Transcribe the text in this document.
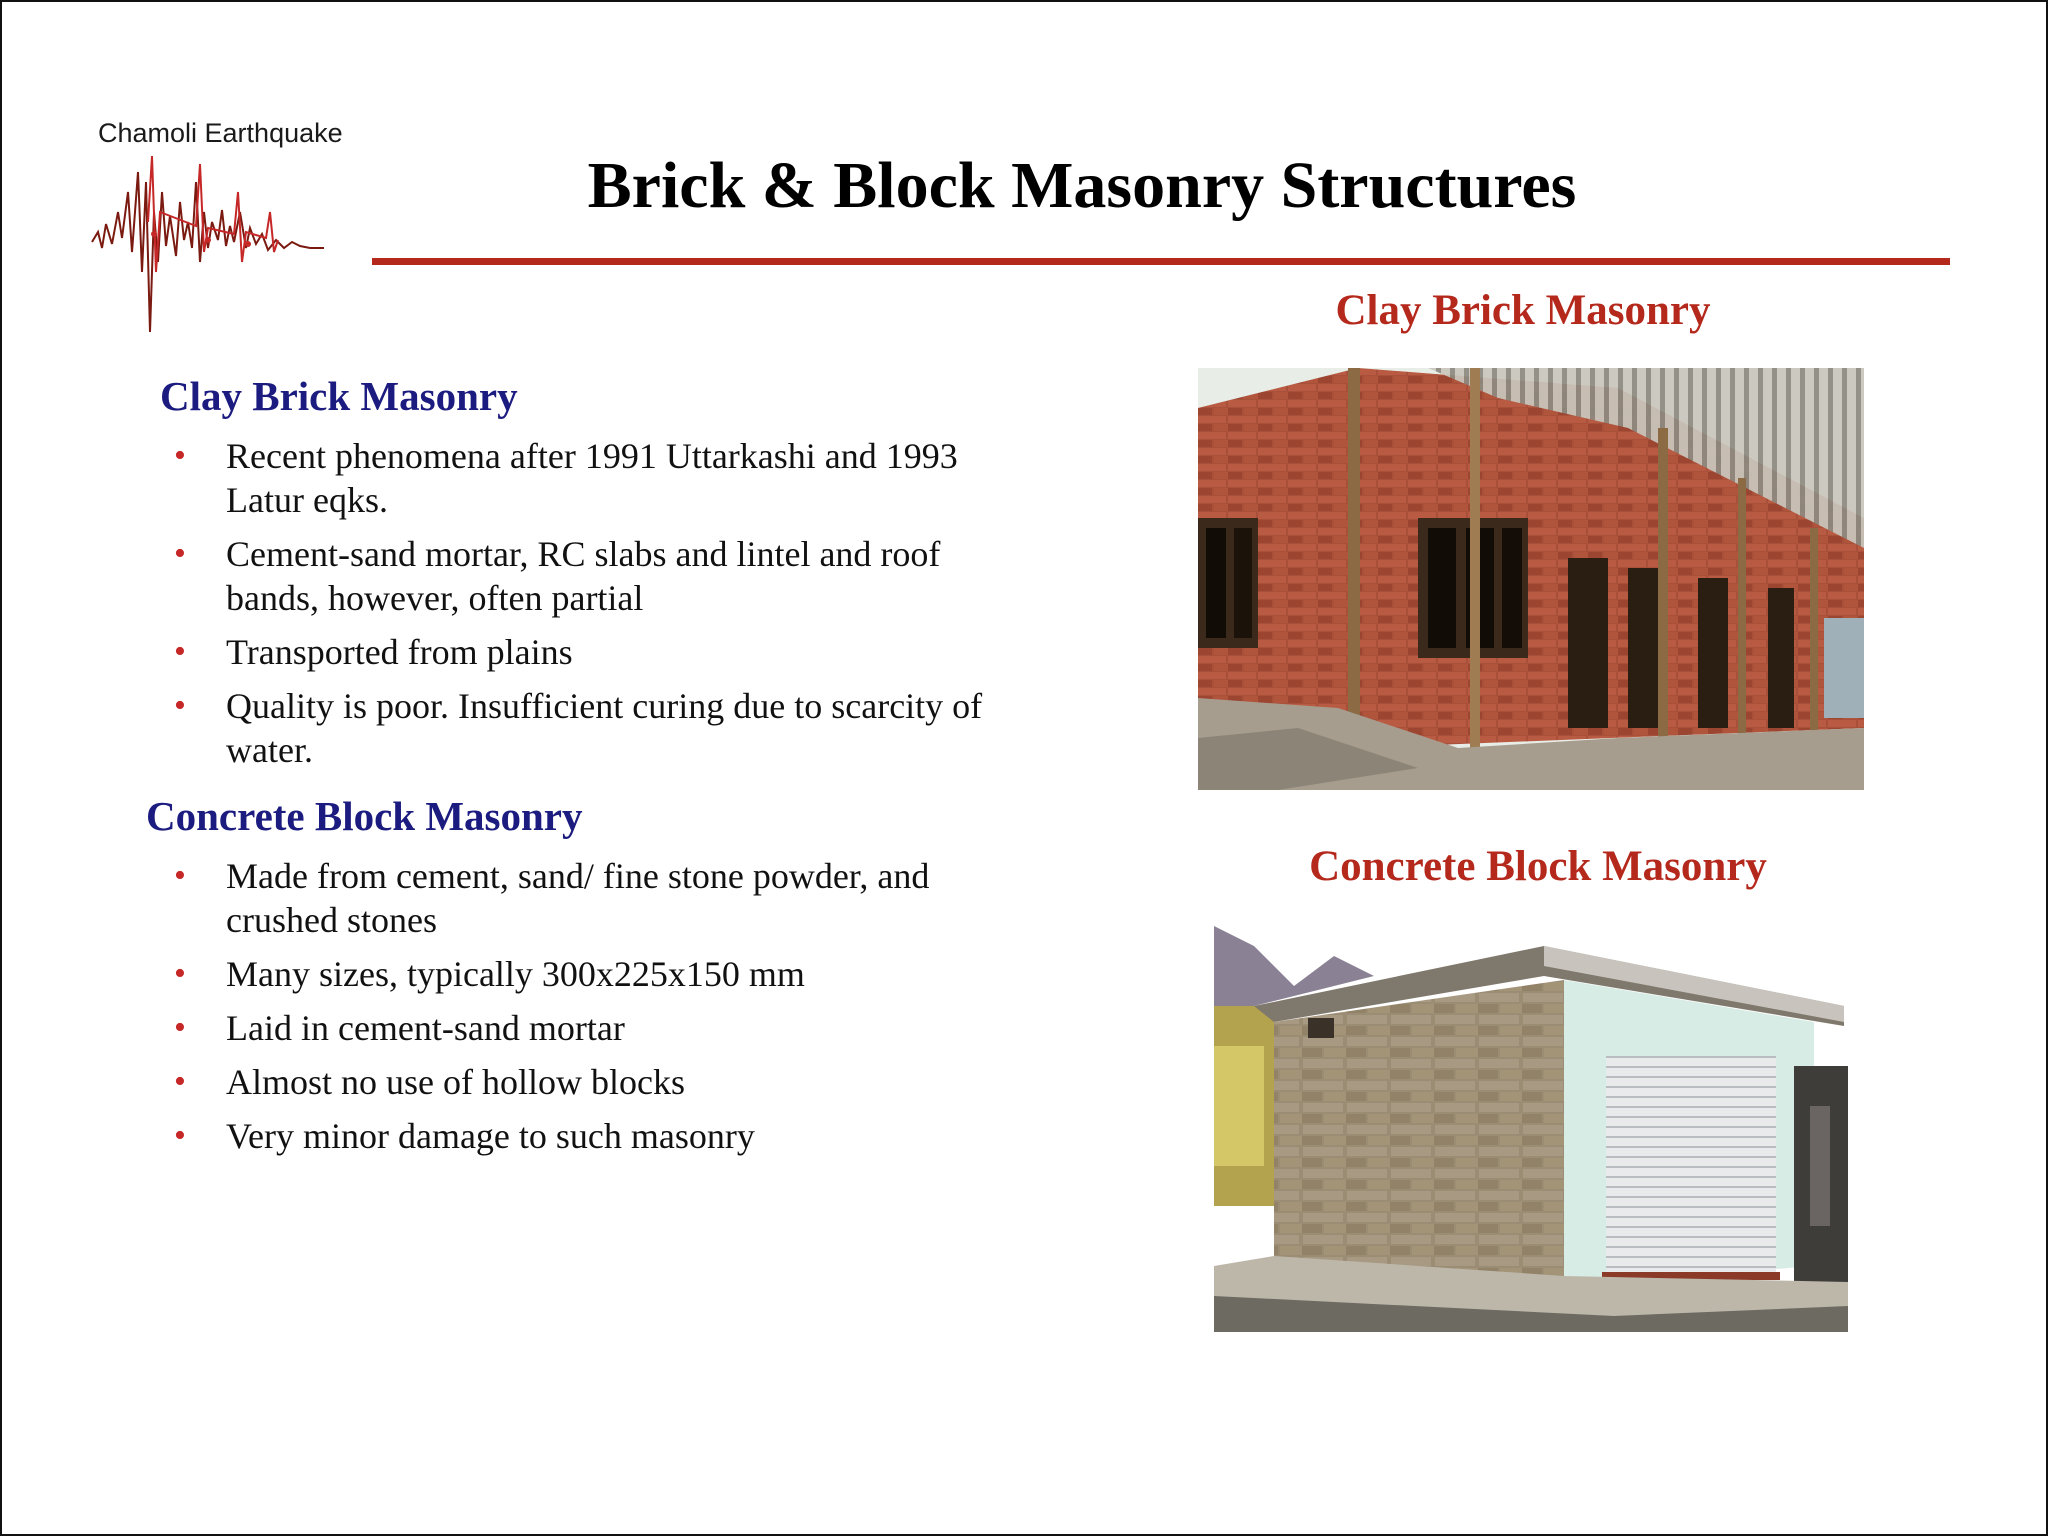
Chamoli Earthquake
Brick & Block Masonry Structures
Clay Brick Masonry
• Recent phenomena after 1991 Uttarkashi and 1993 Latur eqks.
• Cement-sand mortar, RC slabs and lintel and roof bands, however, often partial
• Transported from plains
• Quality is poor. Insufficient curing due to scarcity of water.
Concrete Block Masonry
• Made from cement, sand/ fine stone powder, and crushed stones
• Many sizes, typically 300x225x150 mm
• Laid in cement-sand mortar
• Almost no use of hollow blocks
• Very minor damage to such masonry
Clay Brick Masonry
Concrete Block Masonry
